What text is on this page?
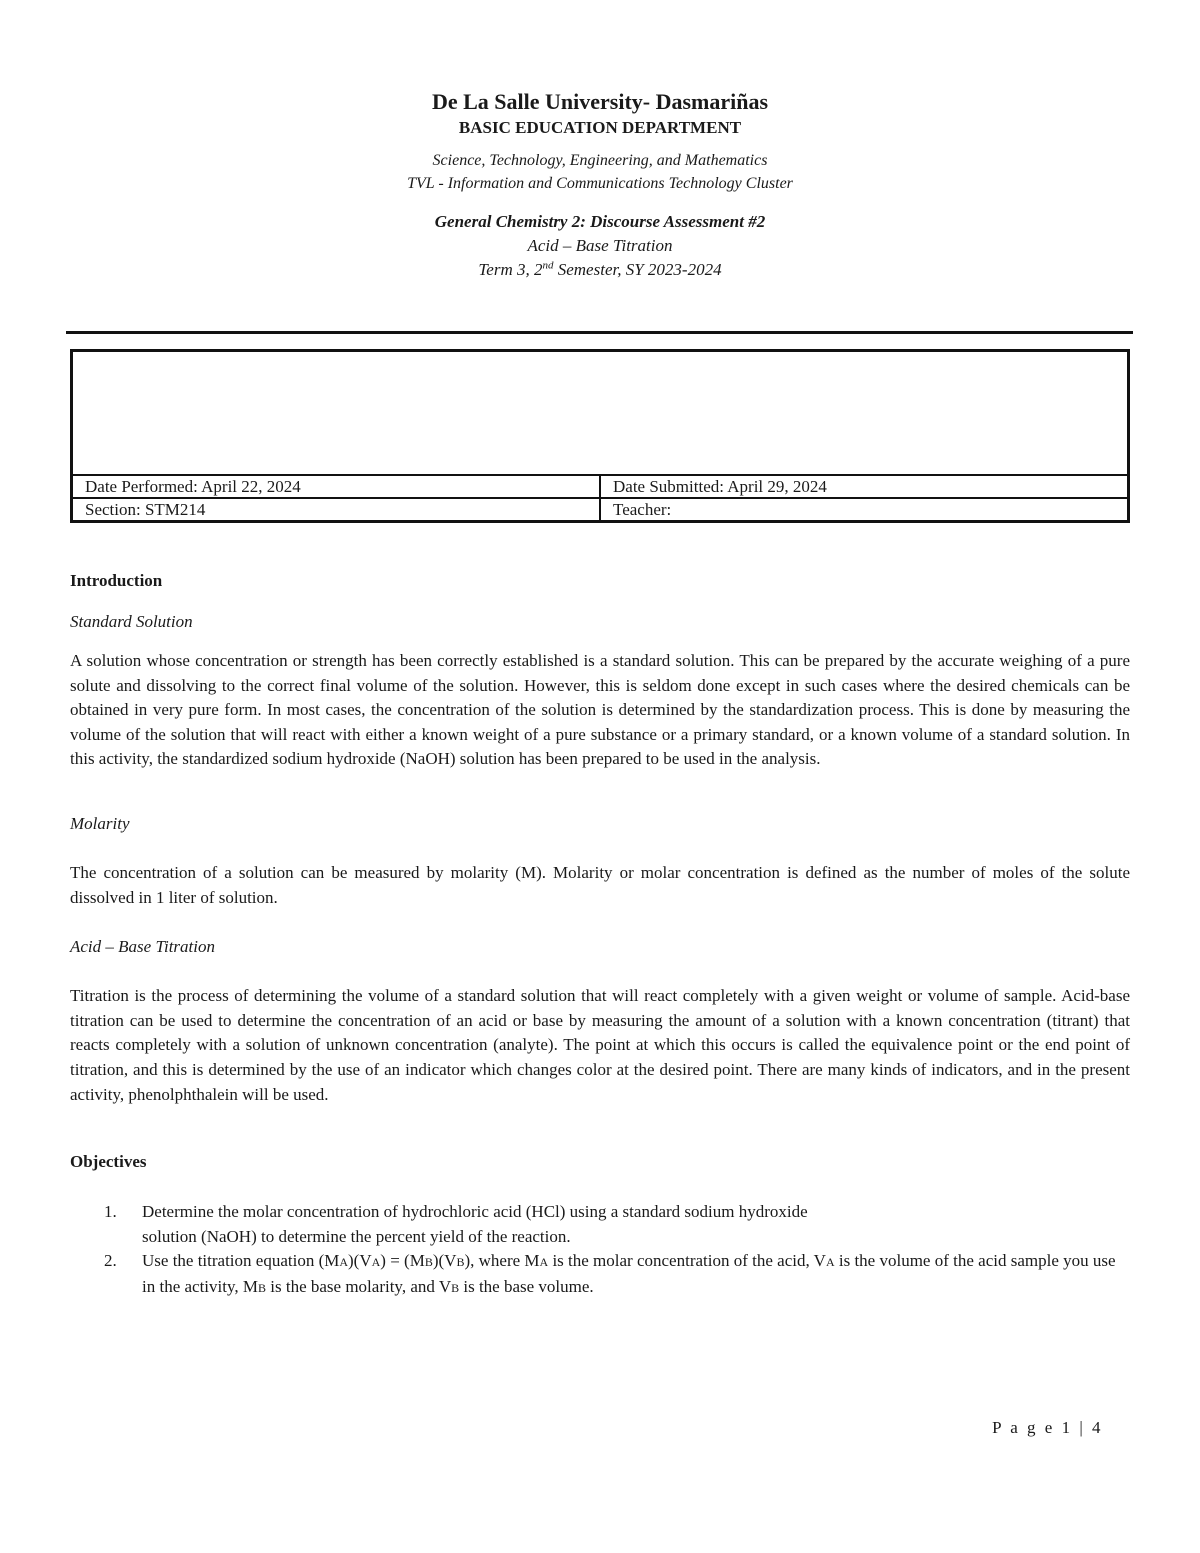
De La Salle University- Dasmariñas
BASIC EDUCATION DEPARTMENT
Science, Technology, Engineering, and Mathematics
TVL - Information and Communications Technology Cluster
General Chemistry 2: Discourse Assessment #2
Acid – Base Titration
Term 3, 2nd Semester, SY 2023-2024

Date Performed: April 22, 2024	Date Submitted: April 29, 2024
Section: STM214	Teacher:
Introduction
Standard Solution

A solution whose concentration or strength has been correctly established is a standard solution. This can be prepared by the accurate weighing of a pure solute and dissolving to the correct final volume of the solution. However, this is seldom done except in such cases where the desired chemicals can be obtained in very pure form. In most cases, the concentration of the solution is determined by the standardization process. This is done by measuring the volume of the solution that will react with either a known weight of a pure substance or a primary standard, or a known volume of a standard solution. In this activity, the standardized sodium hydroxide (NaOH) solution has been prepared to be used in the analysis.

Molarity

The concentration of a solution can be measured by molarity (M). Molarity or molar concentration is defined as the number of moles of the solute dissolved in 1 liter of solution.

Acid – Base Titration

Titration is the process of determining the volume of a standard solution that will react completely with a given weight or volume of sample. Acid-base titration can be used to determine the concentration of an acid or base by measuring the amount of a solution with a known concentration (titrant) that reacts completely with a solution of unknown concentration (analyte). The point at which this occurs is called the equivalence point or the end point of titration, and this is determined by the use of an indicator which changes color at the desired point. There are many kinds of indicators, and in the present activity, phenolphthalein will be used.

Objectives
1. Determine the molar concentration of hydrochloric acid (HCl) using a standard sodium hydroxide
solution (NaOH) to determine the percent yield of the reaction.
2. Use the titration equation (MA)(VA) = (MB)(VB), where MA is the molar concentration of the acid, VA is the volume of the acid sample you use in the activity, MB is the base molarity, and VB is the base volume.
P a g e 1 | 4
